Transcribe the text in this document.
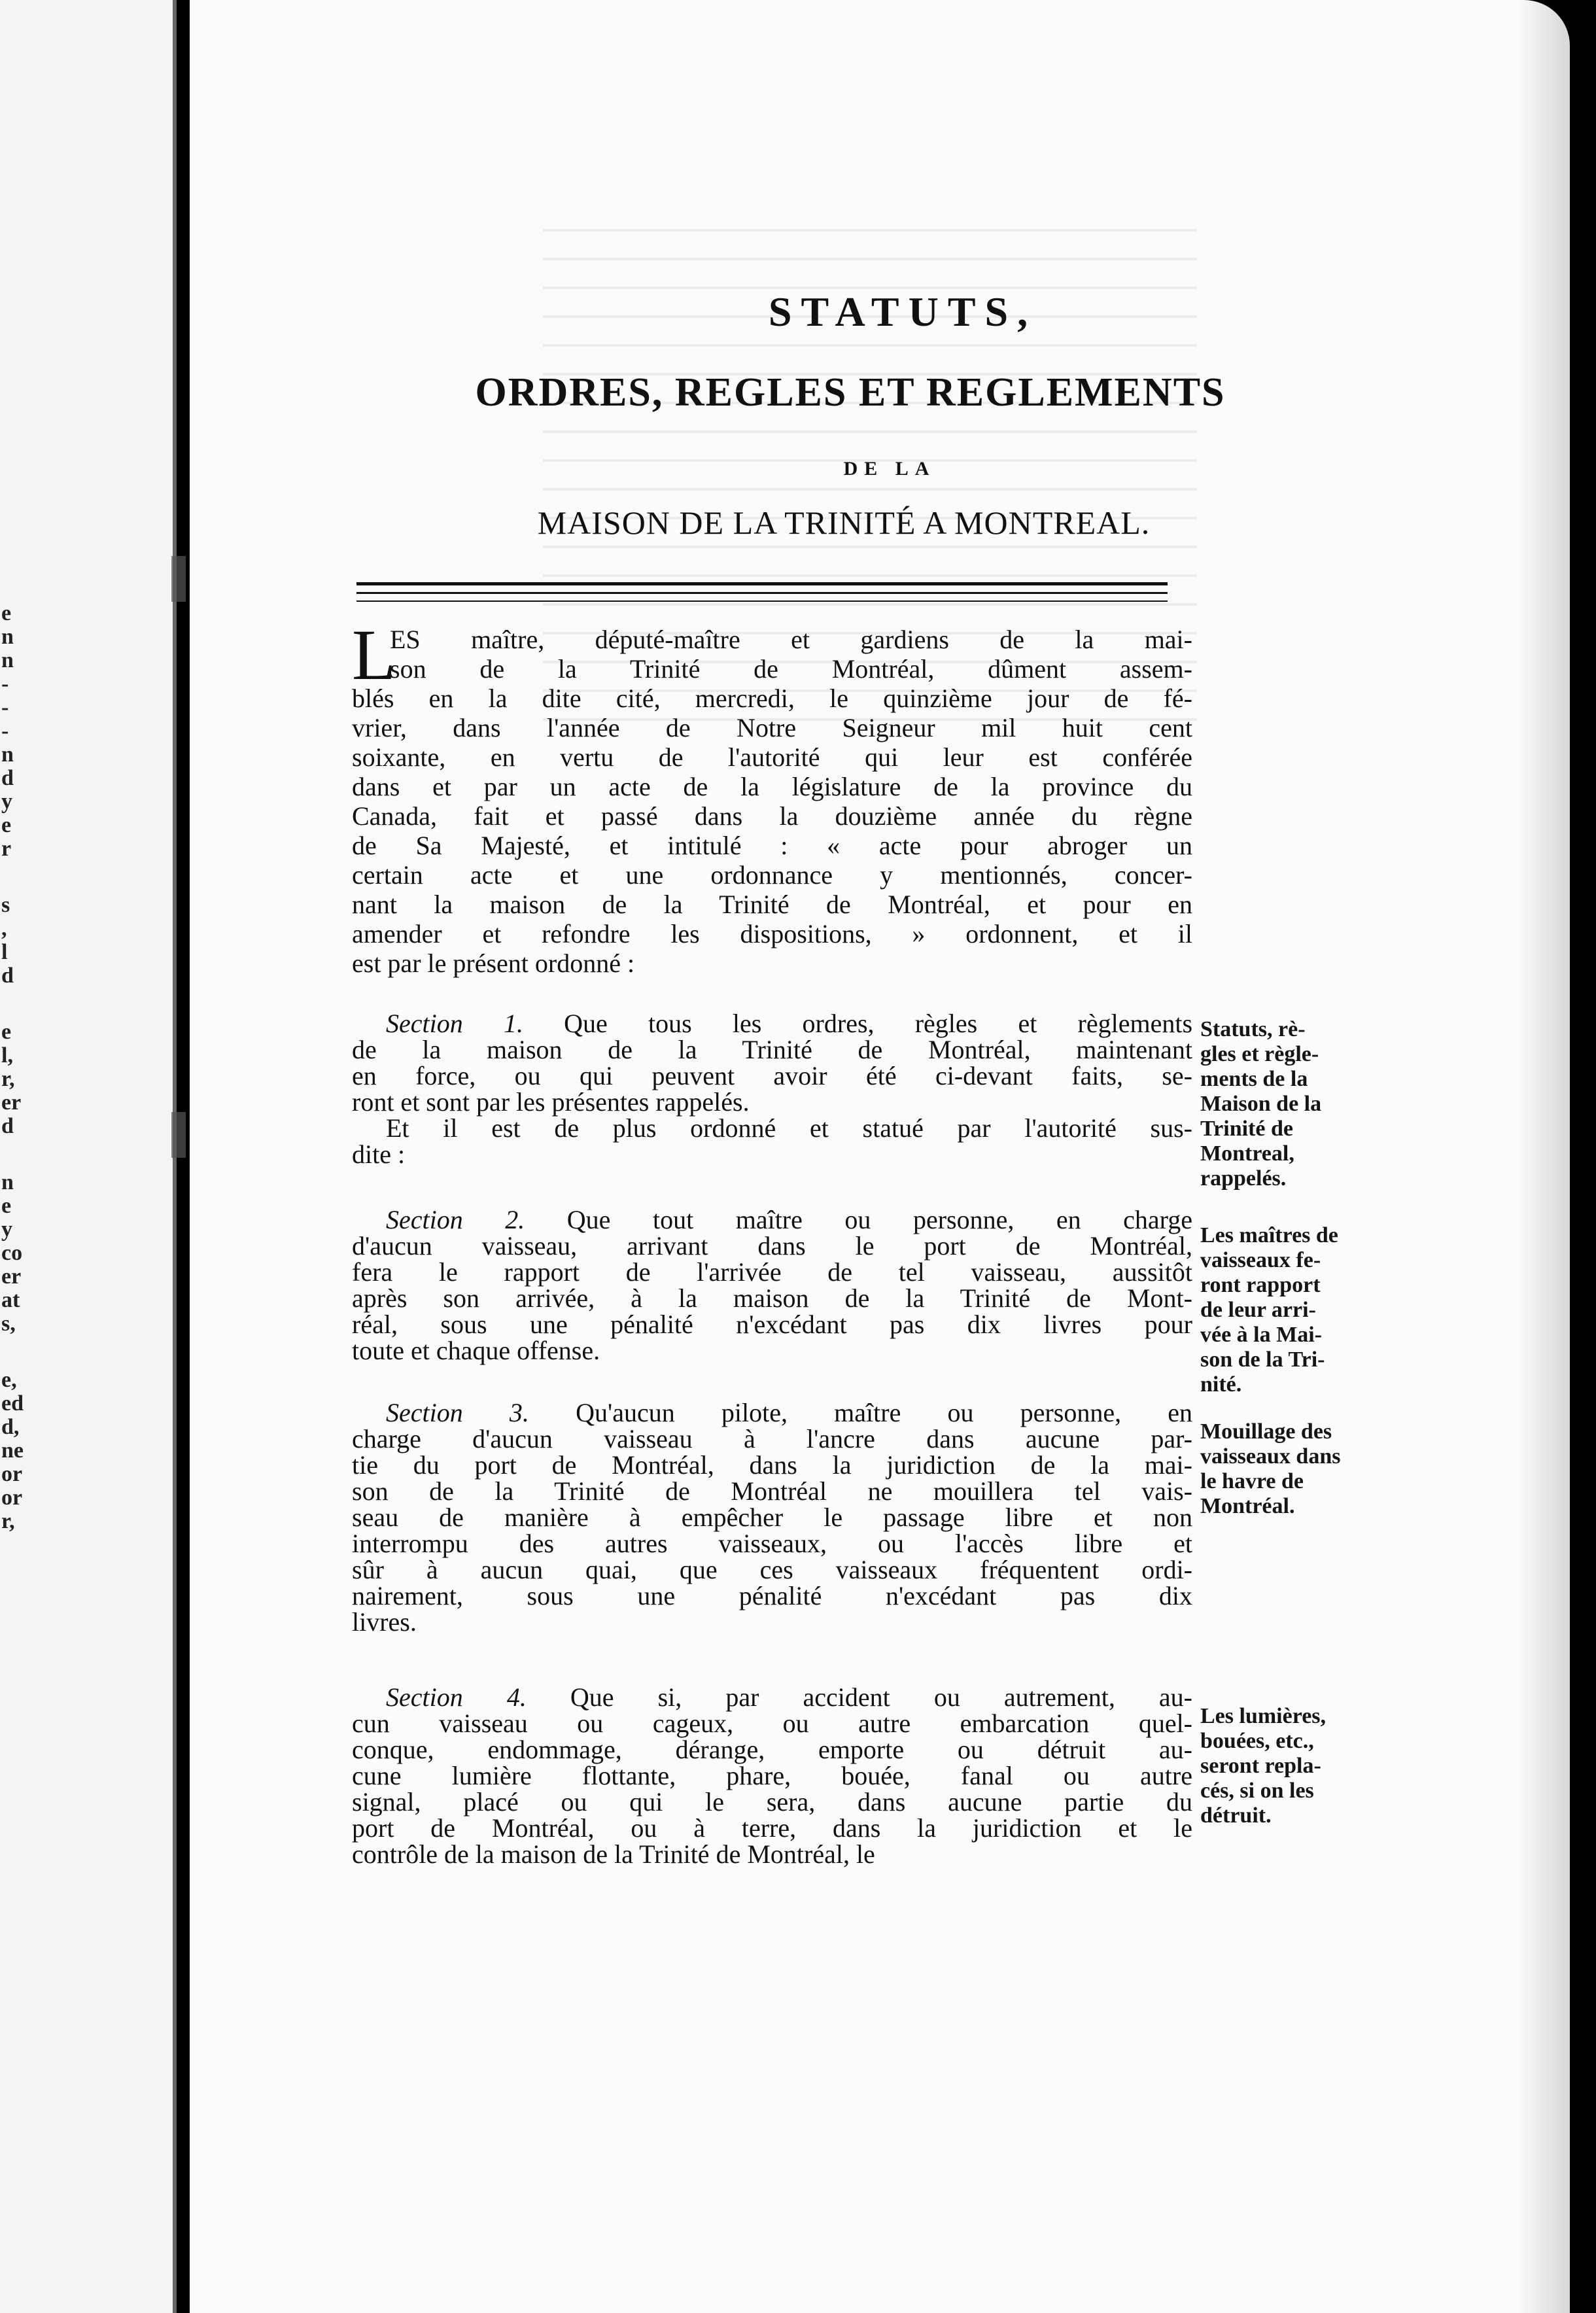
e
n
n
-
-
-
n
d
y
e
r
s
,
l
d
e
l,
r,
er
d
n
e
y
co
er
at
s,
e,
ed
d,
ne
or
or
r,
STATUTS,
ORDRES, REGLES ET REGLEMENTS
DE LA
MAISON DE LA TRINITÉ A MONTREAL.
L
ES maître, député-maître et gardiens de la mai-
son de la Trinité de Montréal, dûment assem-
blés en la dite cité, mercredi, le quinzième jour de fé-
vrier, dans l'année de Notre Seigneur mil huit cent
soixante, en vertu de l'autorité qui leur est conférée
dans et par un acte de la législature de la province du
Canada, fait et passé dans la douzième année du règne
de Sa Majesté, et intitulé : « acte pour abroger un
certain acte et une ordonnance y mentionnés, concer-
nant la maison de la Trinité de Montréal, et pour en
amender et refondre les dispositions, » ordonnent, et il
est par le présent ordonné :
Section 1. Que tous les ordres, règles et règlements
de la maison de la Trinité de Montréal, maintenant
en force, ou qui peuvent avoir été ci-devant faits, se-
ront et sont par les présentes rappelés.
Et il est de plus ordonné et statué par l'autorité sus-
dite :
Statuts, rè-
gles et règle-
ments de la
Maison de la
Trinité de
Montreal,
rappelés.
Section 2. Que tout maître ou personne, en charge
d'aucun vaisseau, arrivant dans le port de Montréal,
fera le rapport de l'arrivée de tel vaisseau, aussitôt
après son arrivée, à la maison de la Trinité de Mont-
réal, sous une pénalité n'excédant pas dix livres pour
toute et chaque offense.
Les maîtres de
vaisseaux fe-
ront rapport
de leur arri-
vée à la Mai-
son de la Tri-
nité.
Section 3. Qu'aucun pilote, maître ou personne, en
charge d'aucun vaisseau à l'ancre dans aucune par-
tie du port de Montréal, dans la juridiction de la mai-
son de la Trinité de Montréal ne mouillera tel vais-
seau de manière à empêcher le passage libre et non
interrompu des autres vaisseaux, ou l'accès libre et
sûr à aucun quai, que ces vaisseaux fréquentent ordi-
nairement, sous une pénalité n'excédant pas dix
livres.
Mouillage des
vaisseaux dans
le havre de
Montréal.
Section 4. Que si, par accident ou autrement, au-
cun vaisseau ou cageux, ou autre embarcation quel-
conque, endommage, dérange, emporte ou détruit au-
cune lumière flottante, phare, bouée, fanal ou autre
signal, placé ou qui le sera, dans aucune partie du
port de Montréal, ou à terre, dans la juridiction et le
contrôle de la maison de la Trinité de Montréal, le
Les lumières,
bouées, etc.,
seront repla-
cés, si on les
détruit.
